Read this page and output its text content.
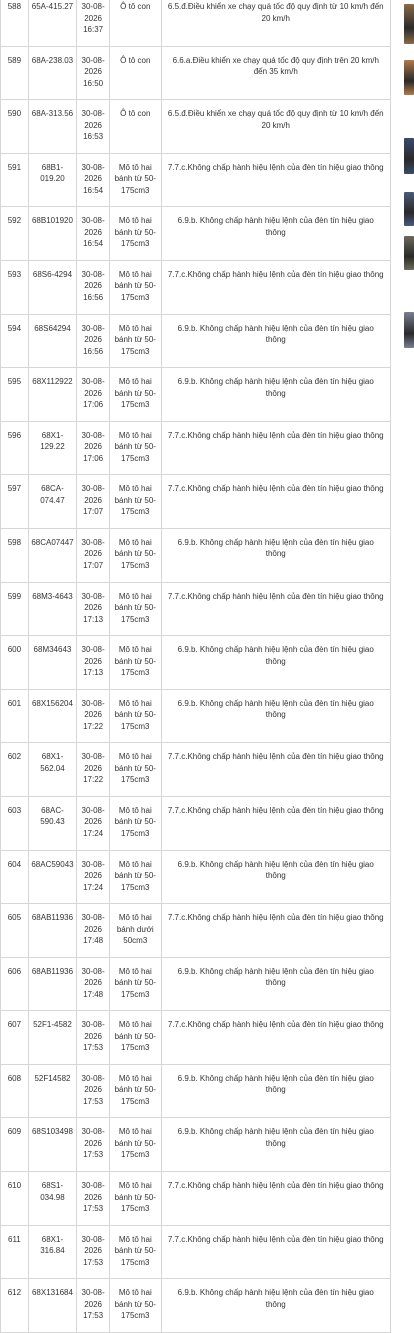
588	65A-415.27	30-08-2026 16:37	Ô tô con	6.5.đ.Điều khiển xe chạy quá tốc độ quy định từ 10 km/h đến 20 km/h
589	68A-238.03	30-08-2026 16:50	Ô tô con	6.6.a.Điều khiển xe chạy quá tốc độ quy định trên 20 km/h đến 35 km/h
590	68A-313.56	30-08-2026 16:53	Ô tô con	6.5.đ.Điều khiển xe chạy quá tốc độ quy định từ 10 km/h đến 20 km/h
591	68B1-019.20	30-08-2026 16:54	Mô tô hai bánh từ 50-175cm3	7.7.c.Không chấp hành hiệu lệnh của đèn tín hiệu giao thông
592	68B101920	30-08-2026 16:54	Mô tô hai bánh từ 50-175cm3	6.9.b. Không chấp hành hiệu lệnh của đèn tín hiệu giao thông
593	68S6-4294	30-08-2026 16:56	Mô tô hai bánh từ 50-175cm3	7.7.c.Không chấp hành hiệu lệnh của đèn tín hiệu giao thông
594	68S64294	30-08-2026 16:56	Mô tô hai bánh từ 50-175cm3	6.9.b. Không chấp hành hiệu lệnh của đèn tín hiệu giao thông
595	68X112922	30-08-2026 17:06	Mô tô hai bánh từ 50-175cm3	6.9.b. Không chấp hành hiệu lệnh của đèn tín hiệu giao thông
596	68X1-129.22	30-08-2026 17:06	Mô tô hai bánh từ 50-175cm3	7.7.c.Không chấp hành hiệu lệnh của đèn tín hiệu giao thông
597	68CA-074.47	30-08-2026 17:07	Mô tô hai bánh từ 50-175cm3	7.7.c.Không chấp hành hiệu lệnh của đèn tín hiệu giao thông
598	68CA07447	30-08-2026 17:07	Mô tô hai bánh từ 50-175cm3	6.9.b. Không chấp hành hiệu lệnh của đèn tín hiệu giao thông
599	68M3-4643	30-08-2026 17:13	Mô tô hai bánh từ 50-175cm3	7.7.c.Không chấp hành hiệu lệnh của đèn tín hiệu giao thông
600	68M34643	30-08-2026 17:13	Mô tô hai bánh từ 50-175cm3	6.9.b. Không chấp hành hiệu lệnh của đèn tín hiệu giao thông
601	68X156204	30-08-2026 17:22	Mô tô hai bánh từ 50-175cm3	6.9.b. Không chấp hành hiệu lệnh của đèn tín hiệu giao thông
602	68X1-562.04	30-08-2026 17:22	Mô tô hai bánh từ 50-175cm3	7.7.c.Không chấp hành hiệu lệnh của đèn tín hiệu giao thông
603	68AC-590.43	30-08-2026 17:24	Mô tô hai bánh từ 50-175cm3	7.7.c.Không chấp hành hiệu lệnh của đèn tín hiệu giao thông
604	68AC59043	30-08-2026 17:24	Mô tô hai bánh từ 50-175cm3	6.9.b. Không chấp hành hiệu lệnh của đèn tín hiệu giao thông
605	68AB11936	30-08-2026 17:48	Mô tô hai bánh dưới 50cm3	7.7.c.Không chấp hành hiệu lệnh của đèn tín hiệu giao thông
606	68AB11936	30-08-2026 17:48	Mô tô hai bánh từ 50-175cm3	6.9.b. Không chấp hành hiệu lệnh của đèn tín hiệu giao thông
607	52F1-4582	30-08-2026 17:53	Mô tô hai bánh từ 50-175cm3	7.7.c.Không chấp hành hiệu lệnh của đèn tín hiệu giao thông
608	52F14582	30-08-2026 17:53	Mô tô hai bánh từ 50-175cm3	6.9.b. Không chấp hành hiệu lệnh của đèn tín hiệu giao thông
609	68S103498	30-08-2026 17:53	Mô tô hai bánh từ 50-175cm3	6.9.b. Không chấp hành hiệu lệnh của đèn tín hiệu giao thông
610	68S1-034.98	30-08-2026 17:53	Mô tô hai bánh từ 50-175cm3	7.7.c.Không chấp hành hiệu lệnh của đèn tín hiệu giao thông
611	68X1-316.84	30-08-2026 17:53	Mô tô hai bánh từ 50-175cm3	7.7.c.Không chấp hành hiệu lệnh của đèn tín hiệu giao thông
612	68X131684	30-08-2026 17:53	Mô tô hai bánh từ 50-175cm3	6.9.b. Không chấp hành hiệu lệnh của đèn tín hiệu giao thông
